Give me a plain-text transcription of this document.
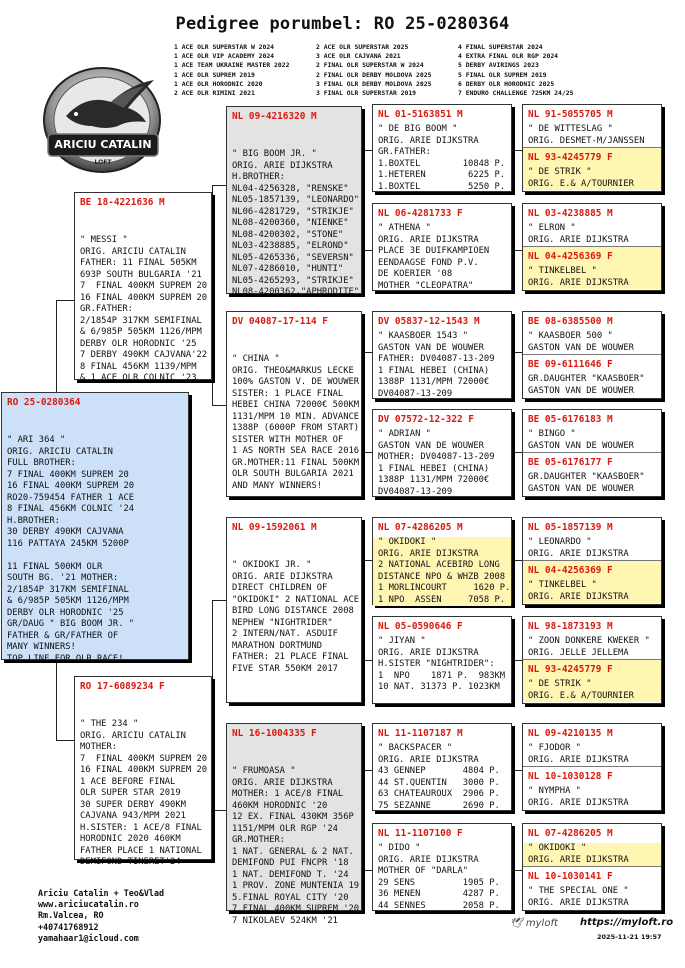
Pedigree porumbel: RO 25-0280364
1 ACE OLR SUPERSTAR W 2024
1 ACE OLR VIP ACADEMY 2024
1 ACE TEAM UKRAINE MASTER 2022
1 ACE OLR SUPREM 2019
1 ACE OLR HORODNIC 2020
2 ACE OLR RIMINI 2021
2 ACE OLR SUPERSTAR 2025
3 ACE OLR CAJVANA 2021
2 FINAL OLR SUPERSTAR W 2024
2 FINAL OLR DERBY MOLDOVA 2025
3 FINAL OLR DERBY MOLDOVA 2025
3 FINAL OLR SUPERSTAR 2019
4 FINAL SUPERSTAR 2024
4 EXTRA FINAL OLR RGP 2024
5 DERBY AVIRINGS 2023
5 FINAL OLR SUPREM 2019
6 DERBY OLR HORODNIC 2025
7 ENDURO CHALLENGE 725KM 24/25
ARICIU CATALIN
LOFT
RO 25-0280364

" ARI 364 "
ORIG. ARICIU CATALIN
FULL BROTHER:
7 FINAL 400KM SUPREM 20
16 FINAL 400KM SUPREM 20
RO20-759454 FATHER 1 ACE
8 FINAL 456KM COLNIC '24
H.BROTHER:
30 DERBY 490KM CAJVANA
116 PATTAYA 245KM 5200P
11 FINAL 500KM OLR
SOUTH BG. '21 MOTHER:
2/1854P 317KM SEMIFINAL
& 6/985P 505KM 1126/MPM
DERBY OLR HORODNIC '25
GR/DAUG " BIG BOOM JR. "
FATHER & GR/FATHER OF
MANY WINNERS!
TOP LINE FOR OLR RACE!

BE 18-4221636 M

" MESSI "
ORIG. ARICIU CATALIN
FATHER: 11 FINAL 505KM
693P SOUTH BULGARIA '21
7  FINAL 400KM SUPREM 20
16 FINAL 400KM SUPREM 20
GR.FATHER:
2/1854P 317KM SEMIFINAL
& 6/985P 505KM 1126/MPM
DERBY OLR HORODNIC '25
7 DERBY 490KM CAJVANA'22
8 FINAL 456KM 1139/MPM
& 1 ACE OLR COLNIC '23

RO 17-6089234 F

" THE 234 "
ORIG. ARICIU CATALIN
MOTHER:
7  FINAL 400KM SUPREM 20
16 FINAL 400KM SUPREM 20
1 ACE BEFORE FINAL
OLR SUPER STAR 2019
30 SUPER DERBY 490KM
CAJVANA 943/MPM 2021
H.SISTER: 1 ACE/8 FINAL
HORODNIC 2020 460KM
FATHER PLACE 1 NATIONAL
DEMIFOND TINERET'24

NL 09-4216320 M

" BIG BOOM JR. "
ORIG. ARIE DIJKSTRA
H.BROTHER:
NL04-4256328, "RENSKE"
NL05-1857139, "LEONARDO"
NL06-4281729, "STRIKJE"
NL08-4200360, "NIENKE"
NL08-4200302, "STONE"
NL03-4238885, "ELROND"
NL05-4265336, "SEVERSN"
NL07-4286010, "HUNTI"
NL05-4265293, "STRIKJE"
NL08-4200362,"APHRODITE"

DV 04087-17-114 F

" CHINA "
ORIG. THEO&MARKUS LECKE
100% GASTON V. DE WOUWER
SISTER: 1 PLACE FINAL
HEBEI CHINA 72000€ 500KM
1131/MPM 10 MIN. ADVANCE
1388P (6000P FROM START)
SISTER WITH MOTHER OF
1 AS NORTH SEA RACE 2016
GR.MOTHER:11 FINAL 500KM
OLR SOUTH BULGARIA 2021
AND MANY WINNERS!

NL 09-1592061 M

" OKIDOKI JR. "
ORIG. ARIE DIJKSTRA
DIRECT CHILDREN OF
"OKIDOKI" 2 NATIONAL ACE
BIRD LONG DISTANCE 2008
NEPHEW "NIGHTRIDER"
2 INTERN/NAT. ASDUIF
MARATHON DORTMUND
FATHER: 21 PLACE FINAL
FIVE STAR 550KM 2017

NL 16-1004335 F

" FRUMOASA "
ORIG. ARIE DIJKSTRA
MOTHER: 1 ACE/8 FINAL
460KM HORODNIC '20
12 EX. FINAL 430KM 356P
1151/MPM OLR RGP '24
GR.MOTHER:
1 NAT. GENERAL & 2 NAT.
DEMIFOND PUI FNCPR '18
1 NAT. DEMIFOND T. '24
1 PROV. ZONE MUNTENIA 19
5.FINAL ROYAL CITY '20
7 FINAL 400KM SUPREM '20
7 NIKOLAEV 524KM '21

NL 01-5163851 M
" DE BIG BOOM "
ORIG. ARIE DIJKSTRA
GR.FATHER:
1.BOXTEL        10848 P.
1.HETEREN        6225 P.
1.BOXTEL         5250 P.
NL 06-4281733 F
" ATHENA "
ORIG. ARIE DIJKSTRA
PLACE 3E DUIFKAMPIOEN
EENDAAGSE FOND P.V.
DE KOERIER '08
MOTHER "CLEOPATRA"
DV 05837-12-1543 M
" KAASBOER 1543 "
GASTON VAN DE WOUWER
FATHER: DV04087-13-209
1 FINAL HEBEI (CHINA)
1388P 1131/MPM 72000€
DV04087-13-209
DV 07572-12-322 F
" ADRIAN "
GASTON VAN DE WOUWER
MOTHER: DV04087-13-209
1 FINAL HEBEI (CHINA)
1388P 1131/MPM 72000€
DV04087-13-209
NL 07-4286205 M
" OKIDOKI "
ORIG. ARIE DIJKSTRA
2 NATIONAL ACEBIRD LONG
DISTANCE NPO & WHZB 2008
1 MORLINCOURT     1620 P.
1 NPO  ASSEN     7058 P.
NL 05-0590646 F
" JIYAN "
ORIG. ARIE DIJKSTRA
H.SISTER "NIGHTRIDER":
1  NPO    1871 P.  983KM
10 NAT. 31373 P. 1023KM
NL 11-1107187 M
" BACKSPACER "
ORIG. ARIE DIJKSTRA
43 GENNEP       4804 P.
44 ST.QUENTIN   3000 P.
63 CHATEAUROUX  2906 P.
75 SEZANNE      2690 P.
NL 11-1107100 F
" DIDO "
ORIG. ARIE DIJKSTRA
MOTHER OF "DARLA"
29 SENS         1905 P.
36 MENEN        4287 P.
44 SENNES       2058 P.
NL 91-5055705 M
" DE WITTESLAG "
ORIG. DESMET-M/JANSSEN
NL 93-4245779 F
" DE STRIK "
ORIG. E.& A/TOURNIER
NL 03-4238885 M
" ELRON "
ORIG. ARIE DIJKSTRA
NL 04-4256369 F
" TINKELBEL "
ORIG. ARIE DIJKSTRA
BE 08-6385500 M
" KAASBOER 500 "
GASTON VAN DE WOUWER
BE 09-6111646 F
GR.DAUGHTER "KAASBOER"
GASTON VAN DE WOUWER
BE 05-6176183 M
" BINGO "
GASTON VAN DE WOUWER
BE 05-6176177 F
GR.DAUGHTER "KAASBOER"
GASTON VAN DE WOUWER
NL 05-1857139 M
" LEONARDO "
ORIG. ARIE DIJKSTRA
NL 04-4256369 F
" TINKELBEL "
ORIG. ARIE DIJKSTRA
NL 98-1873193 M
" ZOON DONKERE KWEKER "
ORIG. JELLE JELLEMA
NL 93-4245779 F
" DE STRIK "
ORIG. E.& A/TOURNIER
NL 09-4210135 M
" FJODOR "
ORIG. ARIE DIJKSTRA
NL 10-1030128 F
" NYMPHA "
ORIG. ARIE DIJKSTRA
NL 07-4286205 M
" OKIDOKI "
ORIG. ARIE DIJKSTRA
NL 10-1030141 F
" THE SPECIAL ONE "
ORIG. ARIE DIJKSTRA
Ariciu Catalin + Teo&Vlad
www.ariciucatalin.ro
Rm.Valcea, RO
+40741768912
yamahaar1@icloud.com
🕊 myloft https://myloft.ro
2025-11-21 19:57
